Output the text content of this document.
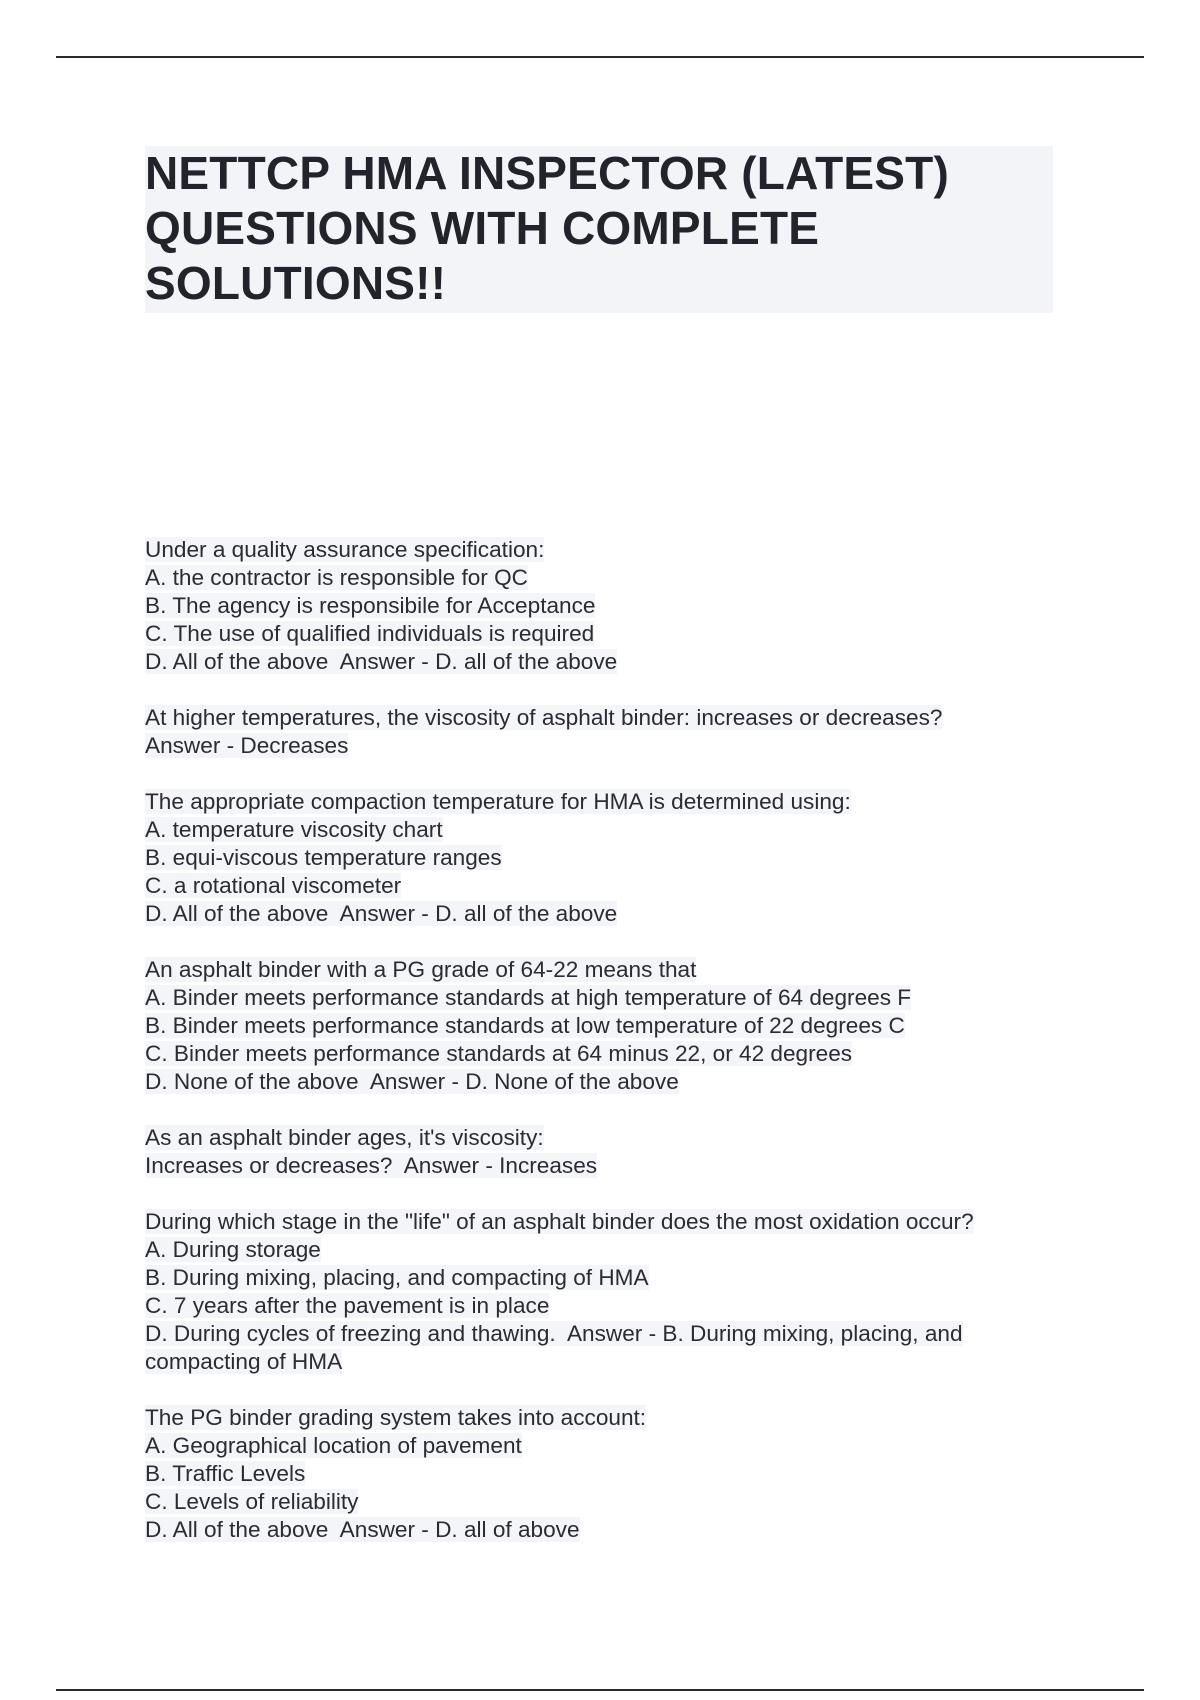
NETTCP HMA INSPECTOR (LATEST) QUESTIONS WITH COMPLETE SOLUTIONS!!
Under a quality assurance specification:
A. the contractor is responsible for QC
B. The agency is responsibile for Acceptance
C. The use of qualified individuals is required
D. All of the above  Answer - D. all of the above
At higher temperatures, the viscosity of asphalt binder: increases or decreases?
Answer - Decreases
The appropriate compaction temperature for HMA is determined using:
A. temperature viscosity chart
B. equi-viscous temperature ranges
C. a rotational viscometer
D. All of the above  Answer - D. all of the above
An asphalt binder with a PG grade of 64-22 means that
A. Binder meets performance standards at high temperature of 64 degrees F
B. Binder meets performance standards at low temperature of 22 degrees C
C. Binder meets performance standards at 64 minus 22, or 42 degrees
D. None of the above  Answer - D. None of the above
As an asphalt binder ages, it's viscosity:
Increases or decreases?  Answer - Increases
During which stage in the "life" of an asphalt binder does the most oxidation occur?
A. During storage
B. During mixing, placing, and compacting of HMA
C. 7 years after the pavement is in place
D. During cycles of freezing and thawing.  Answer - B. During mixing, placing, and
compacting of HMA
The PG binder grading system takes into account:
A. Geographical location of pavement
B. Traffic Levels
C. Levels of reliability
D. All of the above  Answer - D. all of above
